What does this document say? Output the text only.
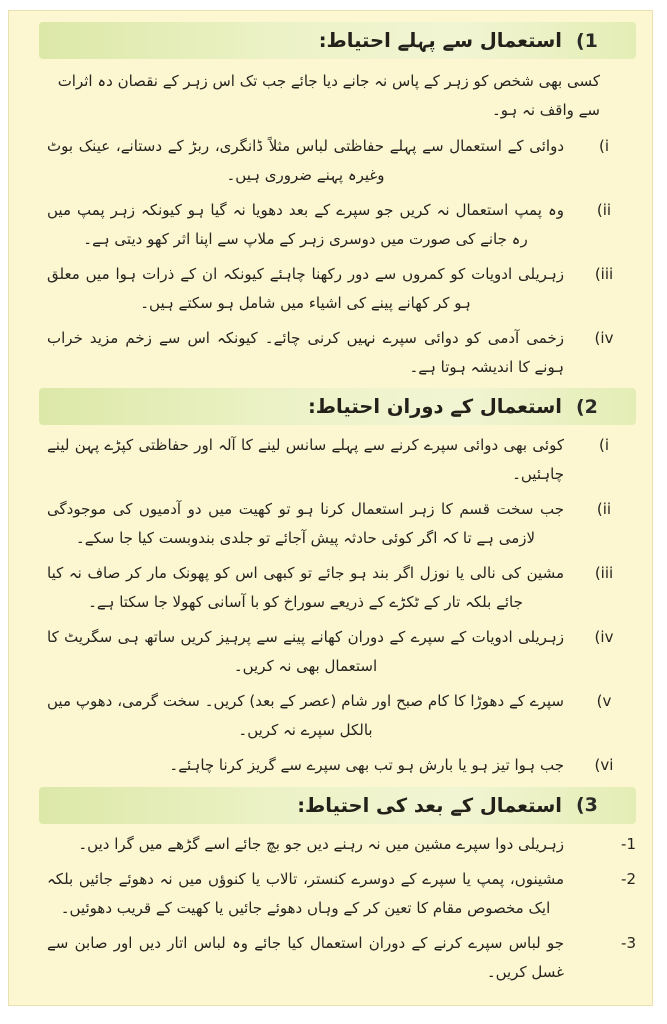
(1
استعمال سے پہلے احتیاط:

کسی بھی شخص کو زہر کے پاس نہ جانے دیا جائے جب تک اس زہر کے نقصان دہ اثرات سے واقف نہ ہو۔

(i
دوائی کے استعمال سے پہلے حفاظتی لباس مثلاً ڈانگری، ربڑ کے دستانے، عینک بوٹ وغیرہ پہنے ضروری ہیں۔
(ii
وہ پمپ استعمال نہ کریں جو سپرے کے بعد دھویا نہ گیا ہو کیونکہ زہر پمپ میں رہ جانے کی صورت میں دوسری زہر کے ملاپ سے اپنا اثر کھو دیتی ہے۔
(iii
زہریلی ادویات کو کمروں سے دور رکھنا چاہئے کیونکہ ان کے ذرات ہوا میں معلق ہو کر کھانے پینے کی اشیاء میں شامل ہو سکتے ہیں۔
(iv
زخمی آدمی کو دوائی سپرے نہیں کرنی چائے۔ کیونکہ اس سے زخم مزید خراب ہونے کا اندیشہ ہوتا ہے۔
(2
استعمال کے دوران احتیاط:
(i
کوئی بھی دوائی سپرے کرنے سے پہلے سانس لینے کا آلہ اور حفاظتی کپڑے پہن لینے چاہئیں۔
(ii
جب سخت قسم کا زہر استعمال کرنا ہو تو کھیت میں دو آدمیوں کی موجودگی لازمی ہے تا کہ اگر کوئی حادثہ پیش آجائے تو جلدی بندوبست کیا جا سکے۔
(iii
مشین کی نالی یا نوزل اگر بند ہو جائے تو کبھی اس کو پھونک مار کر صاف نہ کیا جائے بلکہ تار کے ٹکڑے کے ذریعے سوراخ کو با آسانی کھولا جا سکتا ہے۔
(iv
زہریلی ادویات کے سپرے کے دوران کھانے پینے سے پرہیز کریں ساتھ ہی سگریٹ کا استعمال بھی نہ کریں۔
(v
سپرے کے دھوڑا کا کام صبح اور شام (عصر کے بعد) کریں۔ سخت گرمی، دھوپ میں بالکل سپرے نہ کریں۔
(vi
جب ہوا تیز ہو یا بارش ہو تب بھی سپرے سے گریز کرنا چاہئے۔
(3
استعمال کے بعد کی احتیاط:
-1
زہریلی دوا سپرے مشین میں نہ رہنے دیں جو بچ جائے اسے گڑھے میں گرا دیں۔
-2
مشینوں، پمپ یا سپرے کے دوسرے کنستر، تالاب یا کنوؤں میں نہ دھوئے جائیں بلکہ ایک مخصوص مقام کا تعین کر کے وہاں دھوئے جائیں یا کھیت کے قریب دھوئیں۔
-3
جو لباس سپرے کرنے کے دوران استعمال کیا جائے وہ لباس اتار دیں اور صابن سے غسل کریں۔
